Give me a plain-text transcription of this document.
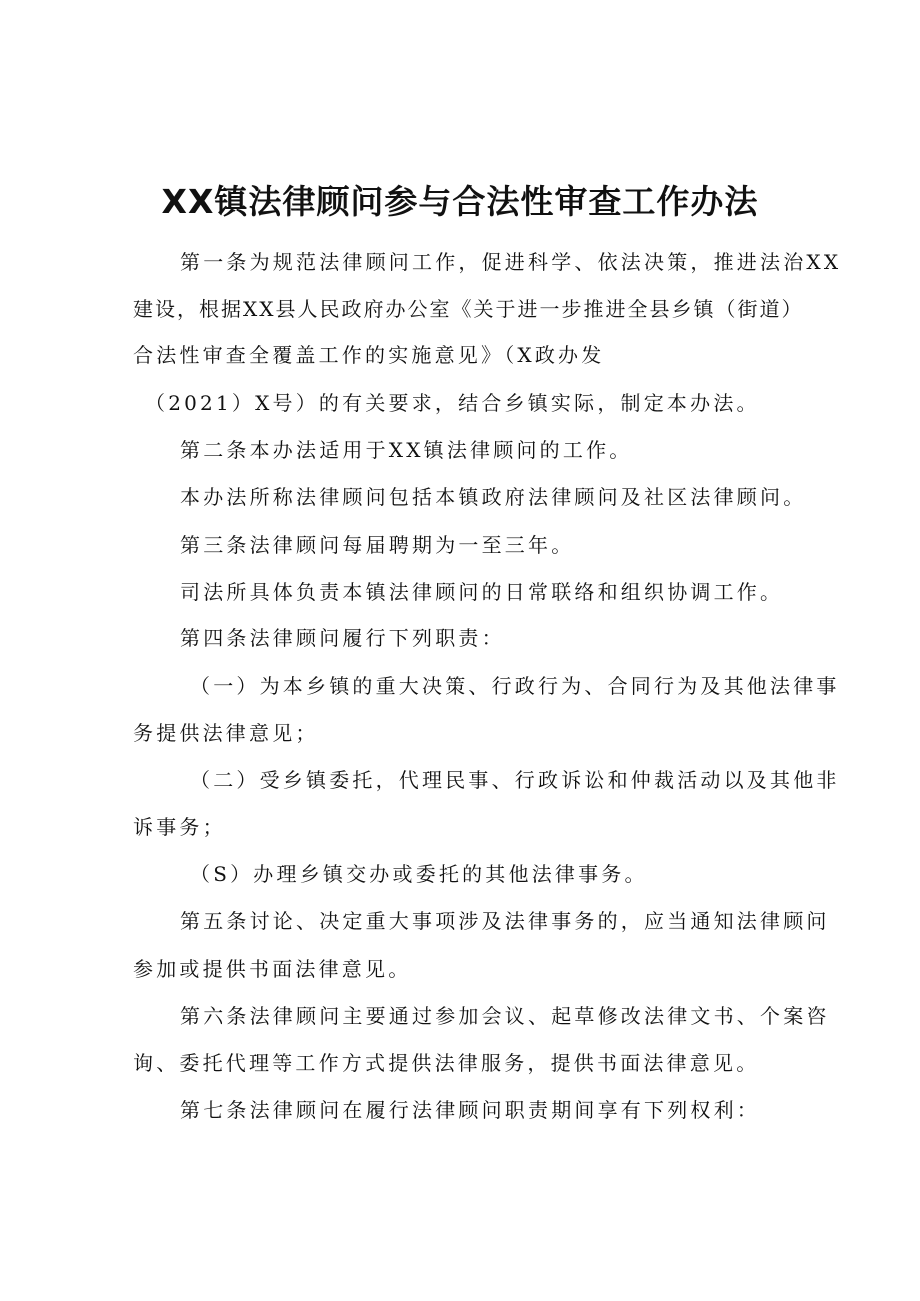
XX镇法律顾问参与合法性审查工作办法
第一条为规范法律顾问工作，促进科学、依法决策，推进法治XX
建设，根据XX县人民政府办公室《关于进一步推进全县乡镇（街道）
合法性审查全覆盖工作的实施意见》（X政办发
（2021）X号）的有关要求，结合乡镇实际，制定本办法。
第二条本办法适用于XX镇法律顾问的工作。
本办法所称法律顾问包括本镇政府法律顾问及社区法律顾问。
第三条法律顾问每届聘期为一至三年。
司法所具体负责本镇法律顾问的日常联络和组织协调工作。
第四条法律顾问履行下列职责：
（一）为本乡镇的重大决策、行政行为、合同行为及其他法律事
务提供法律意见；
（二）受乡镇委托，代理民事、行政诉讼和仲裁活动以及其他非
诉事务；
（S）办理乡镇交办或委托的其他法律事务。
第五条讨论、决定重大事项涉及法律事务的，应当通知法律顾问
参加或提供书面法律意见。
第六条法律顾问主要通过参加会议、起草修改法律文书、个案咨
询、委托代理等工作方式提供法律服务，提供书面法律意见。
第七条法律顾问在履行法律顾问职责期间享有下列权利：
